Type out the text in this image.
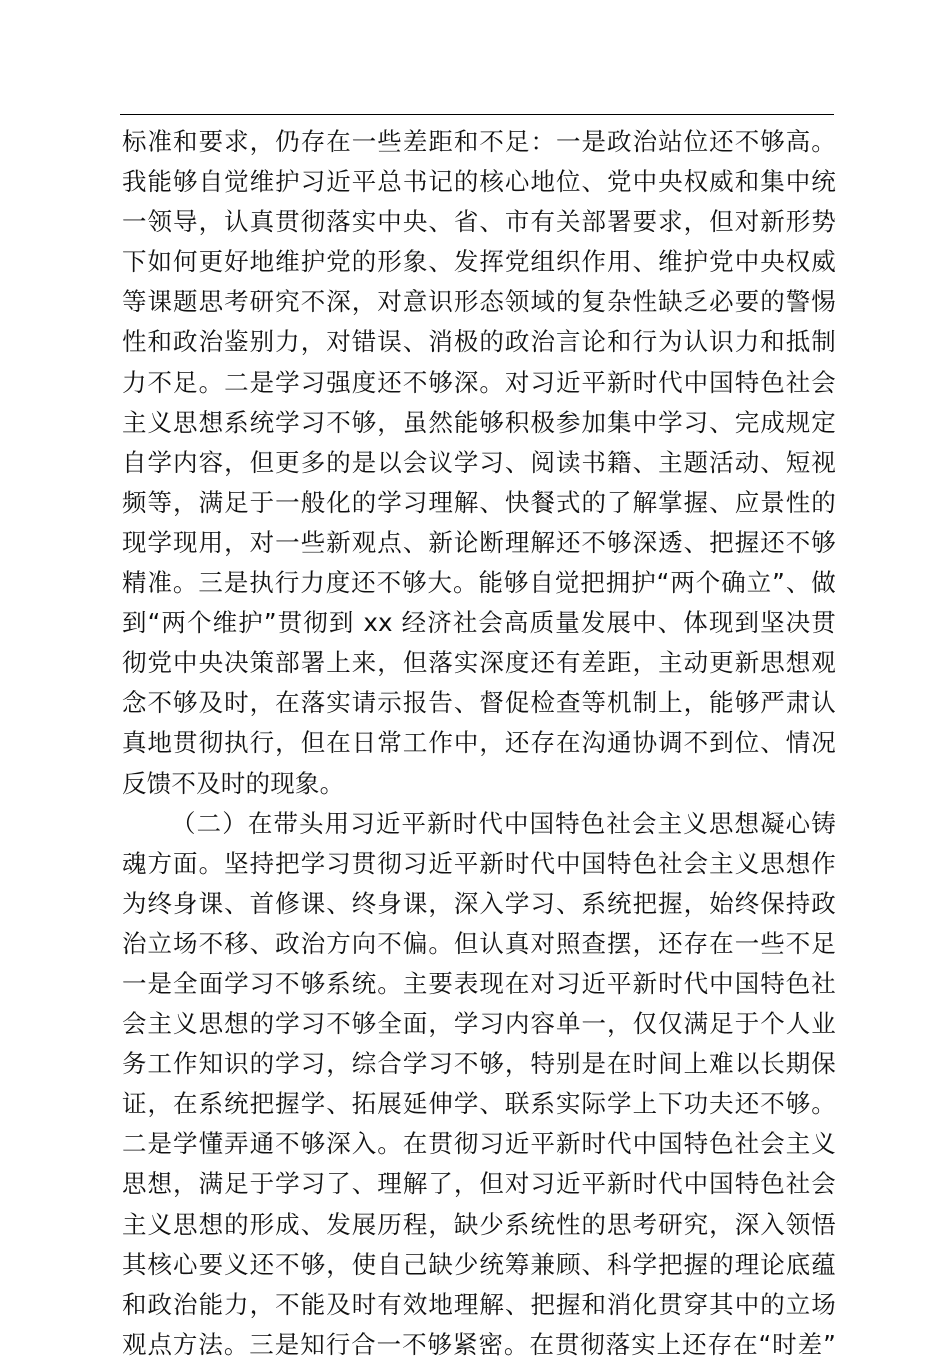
标准和要求，仍存在一些差距和不足：一是政治站位还不够高。
我能够自觉维护习近平总书记的核心地位、党中央权威和集中统
一领导，认真贯彻落实中央、省、市有关部署要求，但对新形势
下如何更好地维护党的形象、发挥党组织作用、维护党中央权威
等课题思考研究不深，对意识形态领域的复杂性缺乏必要的警惕
性和政治鉴别力，对错误、消极的政治言论和行为认识力和抵制
力不足。二是学习强度还不够深。对习近平新时代中国特色社会
主义思想系统学习不够，虽然能够积极参加集中学习、完成规定
自学内容，但更多的是以会议学习、阅读书籍、主题活动、短视
频等，满足于一般化的学习理解、快餐式的了解掌握、应景性的
现学现用，对一些新观点、新论断理解还不够深透、把握还不够
精准。三是执行力度还不够大。能够自觉把拥护“两个确立”、做
到“两个维护”贯彻到 xx 经济社会高质量发展中、体现到坚决贯
彻党中央决策部署上来，但落实深度还有差距，主动更新思想观
念不够及时，在落实请示报告、督促检查等机制上，能够严肃认
真地贯彻执行，但在日常工作中，还存在沟通协调不到位、情况
反馈不及时的现象。
（二）在带头用习近平新时代中国特色社会主义思想凝心铸
魂方面。坚持把学习贯彻习近平新时代中国特色社会主义思想作
为终身课、首修课、终身课，深入学习、系统把握，始终保持政
治立场不移、政治方向不偏。但认真对照查摆，还存在一些不足
一是全面学习不够系统。主要表现在对习近平新时代中国特色社
会主义思想的学习不够全面，学习内容单一，仅仅满足于个人业
务工作知识的学习，综合学习不够，特别是在时间上难以长期保
证，在系统把握学、拓展延伸学、联系实际学上下功夫还不够。
二是学懂弄通不够深入。在贯彻习近平新时代中国特色社会主义
思想，满足于学习了、理解了，但对习近平新时代中国特色社会
主义思想的形成、发展历程，缺少系统性的思考研究，深入领悟
其核心要义还不够，使自己缺少统筹兼顾、科学把握的理论底蕴
和政治能力，不能及时有效地理解、把握和消化贯穿其中的立场
观点方法。三是知行合一不够紧密。在贯彻落实上还存在“时差”
